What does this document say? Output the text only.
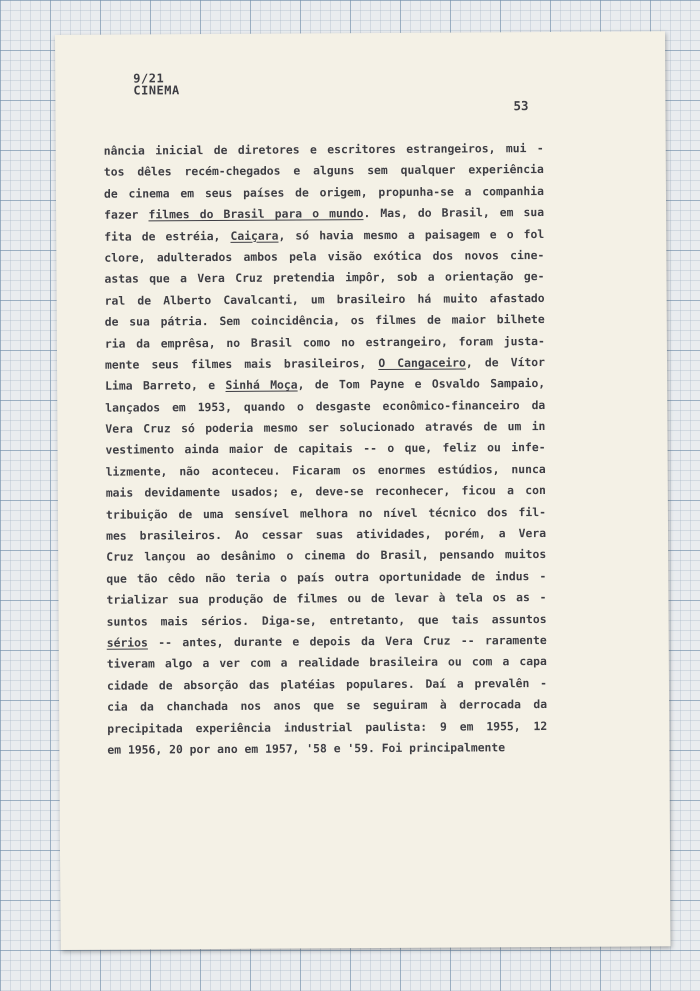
9/21
CINEMA
53
nância inicial de diretores e escritores estrangeiros, mui -
tos dêles recém-chegados e alguns sem qualquer experiência
de cinema em seus países de origem, propunha-se a companhia
fazer filmes do Brasil para o mundo. Mas, do Brasil, em sua
fita de estréia, Caiçara, só havia mesmo a paisagem e o fol
clore, adulterados ambos pela visão exótica dos novos cine-
astas que a Vera Cruz pretendia impôr, sob a orientação ge-
ral de Alberto Cavalcanti, um brasileiro há muito afastado
de sua pátria. Sem coincidência, os filmes de maior bilhete
ria da emprêsa, no Brasil como no estrangeiro, foram justa-
mente seus filmes mais brasileiros, O Cangaceiro, de Vítor
Lima Barreto, e Sinhá Moça, de Tom Payne e Osvaldo Sampaio,
lançados em 1953, quando o desgaste econômico-financeiro da
Vera Cruz só poderia mesmo ser solucionado através de um in
vestimento ainda maior de capitais -- o que, feliz ou infe-
lizmente, não aconteceu. Ficaram os enormes estúdios, nunca
mais devidamente usados; e, deve-se reconhecer, ficou a con
tribuição de uma sensível melhora no nível técnico dos fil-
mes brasileiros. Ao cessar suas atividades, porém, a Vera
Cruz lançou ao desânimo o cinema do Brasil, pensando muitos
que tão cêdo não teria o país outra oportunidade de indus -
trializar sua produção de filmes ou de levar à tela os as -
suntos mais sérios. Diga-se, entretanto, que tais assuntos
sérios -- antes, durante e depois da Vera Cruz -- raramente
tiveram algo a ver com a realidade brasileira ou com a capa
cidade de absorção das platéias populares. Daí a prevalên -
cia da chanchada nos anos que se seguiram à derrocada da
precipitada experiência industrial paulista: 9 em 1955, 12
em 1956, 20 por ano em 1957, '58 e '59. Foi principalmente
